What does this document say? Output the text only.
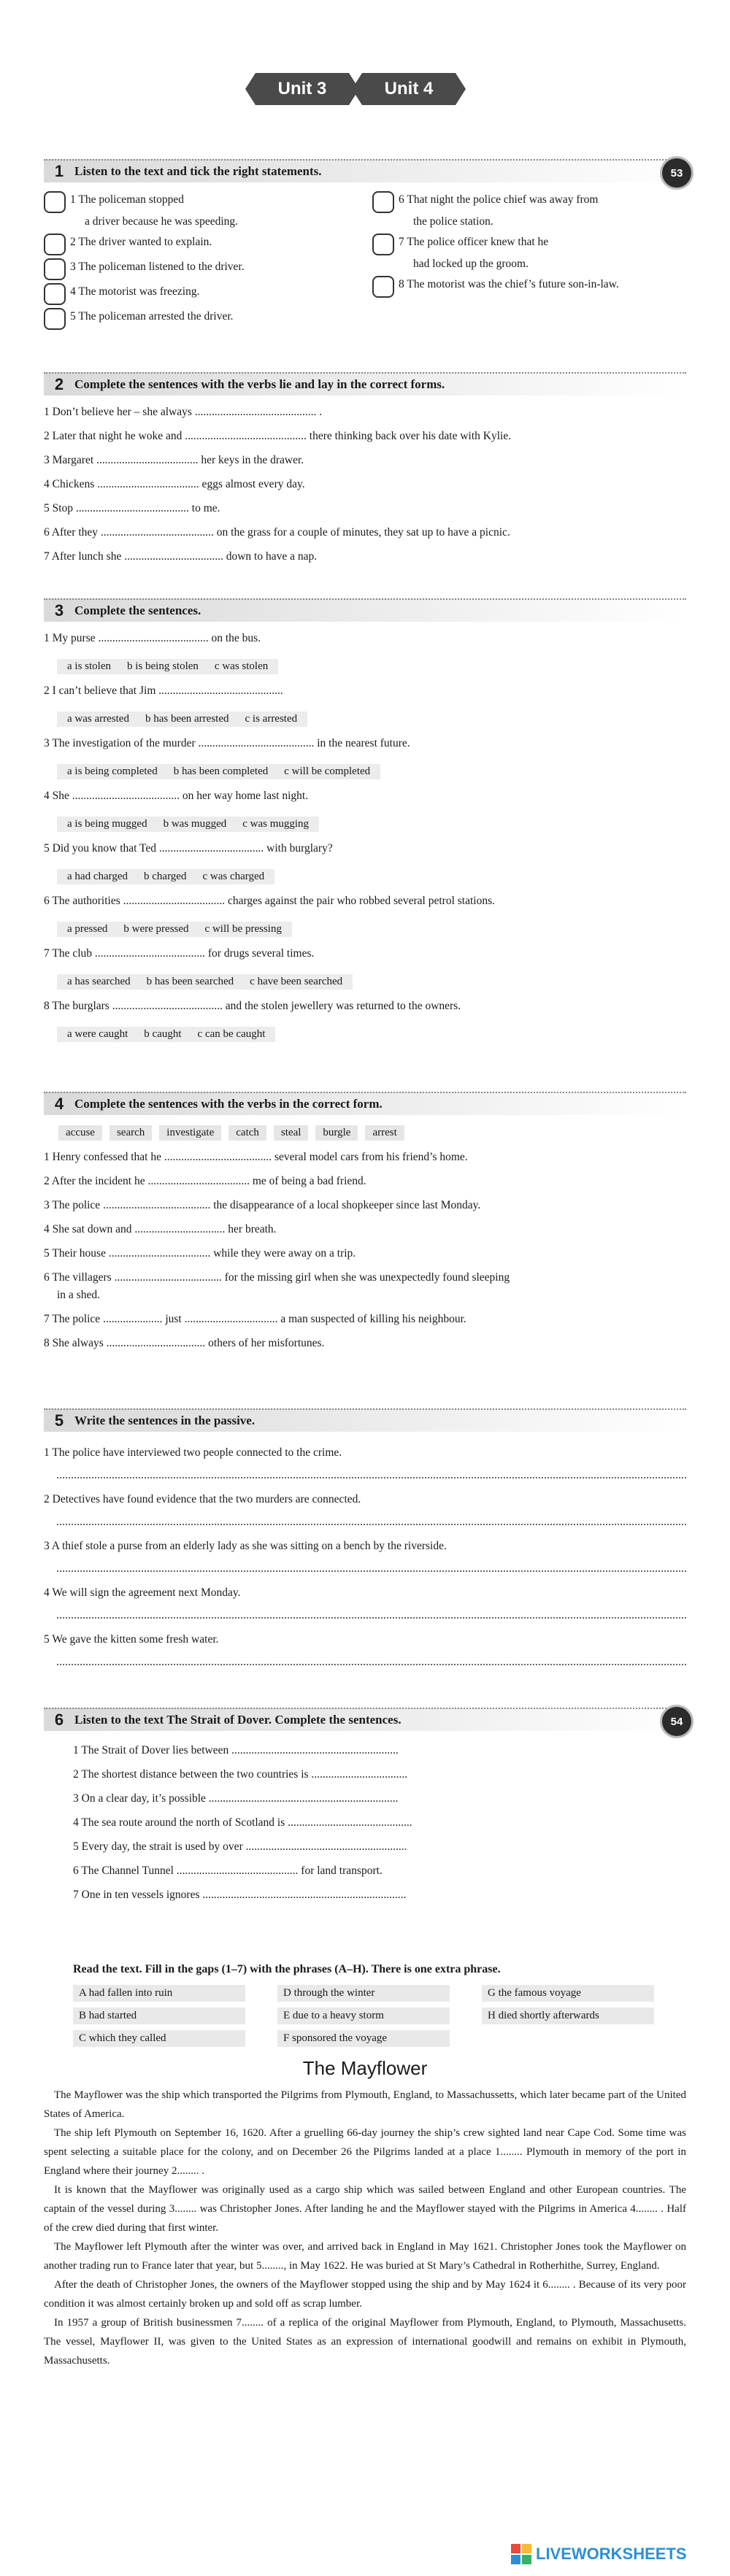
Unit 3	Unit 4
1 Listen to the text and tick the right statements.	53
1 The policeman stopped
a driver because he was speeding.
2 The driver wanted to explain.
3 The policeman listened to the driver.
4 The motorist was freezing.
5 The policeman arrested the driver.
6 That night the police chief was away from
the police station.
7 The police officer knew that he
had locked up the groom.
8 The motorist was the chief’s future son-in-law.
2 Complete the sentences with the verbs lie and lay in the correct forms.
1 Don’t believe her – she always ........................................... .
2 Later that night he woke and ........................................... there thinking back over his date with Kylie.
3 Margaret .................................... her keys in the drawer.
4 Chickens .................................... eggs almost every day.
5 Stop ........................................ to me.
6 After they ........................................ on the grass for a couple of minutes, they sat up to have a picnic.
7 After lunch she ................................... down to have a nap.
3 Complete the sentences.
1 My purse ....................................... on the bus.
a is stolen b is being stolen c was stolen
2 I can’t believe that Jim ............................................
a was arrested b has been arrested c is arrested
3 The investigation of the murder ......................................... in the nearest future.
a is being completed b has been completed c will be completed
4 She ...................................... on her way home last night.
a is being mugged b was mugged c was mugging
5 Did you know that Ted ..................................... with burglary?
a had charged b charged c was charged
6 The authorities .................................... charges against the pair who robbed several petrol stations.
a pressed b were pressed c will be pressing
7 The club ....................................... for drugs several times.
a has searched b has been searched c have been searched
8 The burglars ....................................... and the stolen jewellery was returned to the owners.
a were caught b caught c can be caught
4 Complete the sentences with the verbs in the correct form.
accuse	search	investigate	catch	steal	burgle	arrest
1 Henry confessed that he ...................................... several model cars from his friend’s home.
2 After the incident he .................................... me of being a bad friend.
3 The police ...................................... the disappearance of a local shopkeeper since last Monday.
4 She sat down and ................................ her breath.
5 Their house .................................... while they were away on a trip.
6 The villagers ...................................... for the missing girl when she was unexpectedly found sleeping
in a shed.
7 The police ..................... just ................................. a man suspected of killing his neighbour.
8 She always ................................... others of her misfortunes.
5 Write the sentences in the passive.
1 The police have interviewed two people connected to the crime.
2 Detectives have found evidence that the two murders are connected.
3 A thief stole a purse from an elderly lady as she was sitting on a bench by the riverside.
4 We will sign the agreement next Monday.
5 We gave the kitten some fresh water.
6 Listen to the text The Strait of Dover. Complete the sentences.	54
1 The Strait of Dover lies between ...........................................................
2 The shortest distance between the two countries is ..................................
3 On a clear day, it’s possible ...................................................................
4 The sea route around the north of Scotland is ............................................
5 Every day, the strait is used by over .........................................................
6 The Channel Tunnel ........................................... for land transport.
7 One in ten vessels ignores ........................................................................
Read the text. Fill in the gaps (1–7) with the phrases (A–H). There is one extra phrase.
A had fallen into ruin	D through the winter	G the famous voyage
B had started	E due to a heavy storm	H died shortly afterwards
C which they called	F sponsored the voyage
The Mayflower

The Mayflower was the ship which transported the Pilgrims from Plymouth, England, to Massachussetts, which later became part of the United States of America.

The ship left Plymouth on September 16, 1620. After a gruelling 66-day journey the ship’s crew sighted land near Cape Cod. Some time was spent selecting a suitable place for the colony, and on December 26 the Pilgrims landed at a place 1........ Plymouth in memory of the port in England where their journey 2........ .

It is known that the Mayflower was originally used as a cargo ship which was sailed between England and other European countries. The captain of the vessel during 3........ was Christopher Jones. After landing he and the Mayflower stayed with the Pilgrims in America 4........ . Half of the crew died during that first winter.

The Mayflower left Plymouth after the winter was over, and arrived back in England in May 1621. Christopher Jones took the Mayflower on another trading run to France later that year, but 5........, in May 1622. He was buried at St Mary’s Cathedral in Rotherhithe, Surrey, England.

After the death of Christopher Jones, the owners of the Mayflower stopped using the ship and by May 1624 it 6........ . Because of its very poor condition it was almost certainly broken up and sold off as scrap lumber.

In 1957 a group of British businessmen 7........ of a replica of the original Mayflower from Plymouth, England, to Plymouth, Massachusetts. The vessel, Mayflower II, was given to the United States as an expression of international goodwill and remains on exhibit in Plymouth, Massachusetts.

LIVEWORKSHEETS
